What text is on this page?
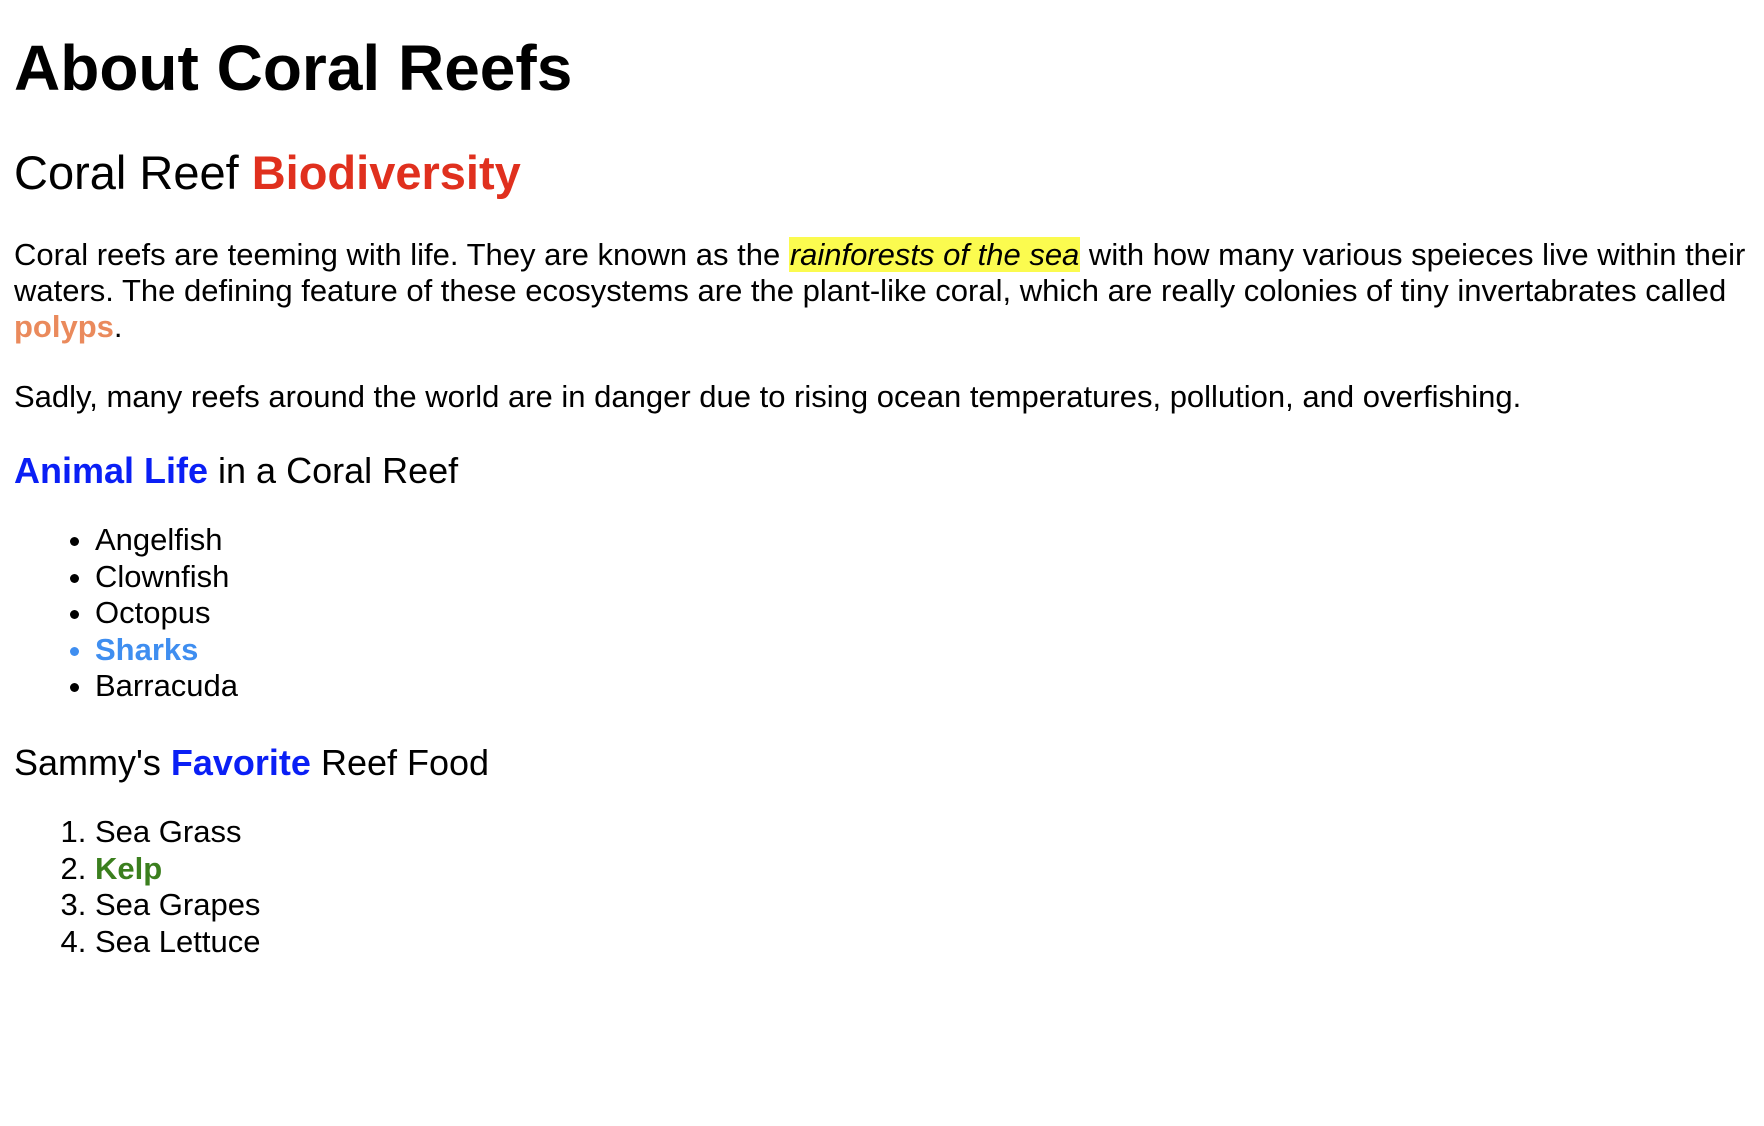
About Coral Reefs
Coral Reef Biodiversity

Coral reefs are teeming with life. They are known as the rainforests of the sea with how many various speieces live within their waters. The defining feature of these ecosystems are the plant-like coral, which are really colonies of tiny invertabrates called polyps.

Sadly, many reefs around the world are in danger due to rising ocean temperatures, pollution, and overfishing.

Animal Life in a Coral Reef
• Angelfish
• Clownfish
• Octopus
• Sharks
• Barracuda
Sammy's Favorite Reef Food
1. Sea Grass
2. Kelp
3. Sea Grapes
4. Sea Lettuce
